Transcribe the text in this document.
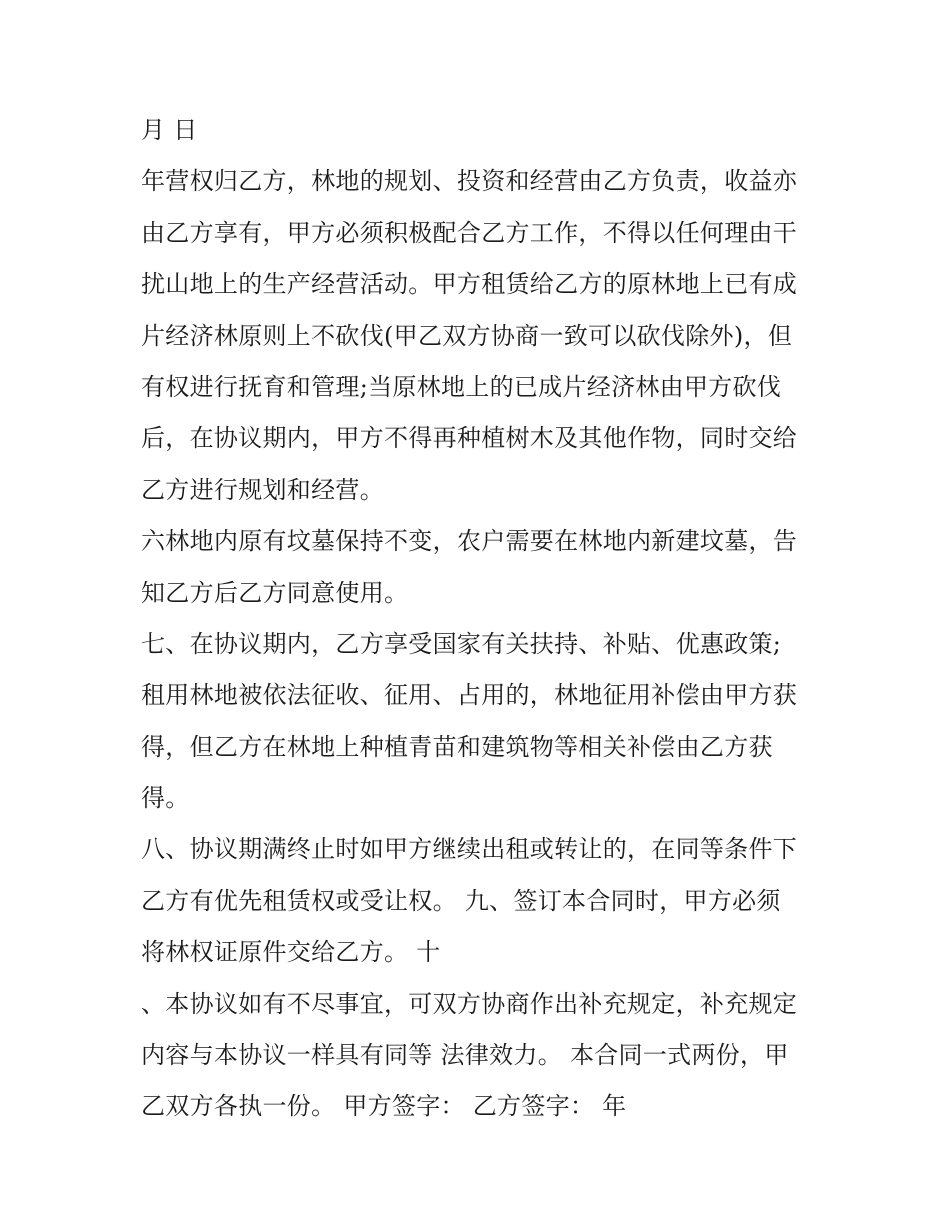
月 日
年营权归乙方，林地的规划、投资和经营由乙方负责，收益亦
由乙方享有，甲方必须积极配合乙方工作，不得以任何理由干
扰山地上的生产经营活动。甲方租赁给乙方的原林地上已有成
片经济林原则上不砍伐(甲乙双方协商一致可以砍伐除外)，但
有权进行抚育和管理;当原林地上的已成片经济林由甲方砍伐
后，在协议期内，甲方不得再种植树木及其他作物，同时交给
乙方进行规划和经营。
六林地内原有坟墓保持不变，农户需要在林地内新建坟墓，告
知乙方后乙方同意使用。
七、在协议期内，乙方享受国家有关扶持、补贴、优惠政策;
租用林地被依法征收、征用、占用的，林地征用补偿由甲方获
得，但乙方在林地上种植青苗和建筑物等相关补偿由乙方获
得。
八、协议期满终止时如甲方继续出租或转让的，在同等条件下
乙方有优先租赁权或受让权。 九、签订本合同时，甲方必须
将林权证原件交给乙方。 十
、本协议如有不尽事宜，可双方协商作出补充规定，补充规定
内容与本协议一样具有同等 法律效力。 本合同一式两份，甲
乙双方各执一份。 甲方签字： 乙方签字： 年
